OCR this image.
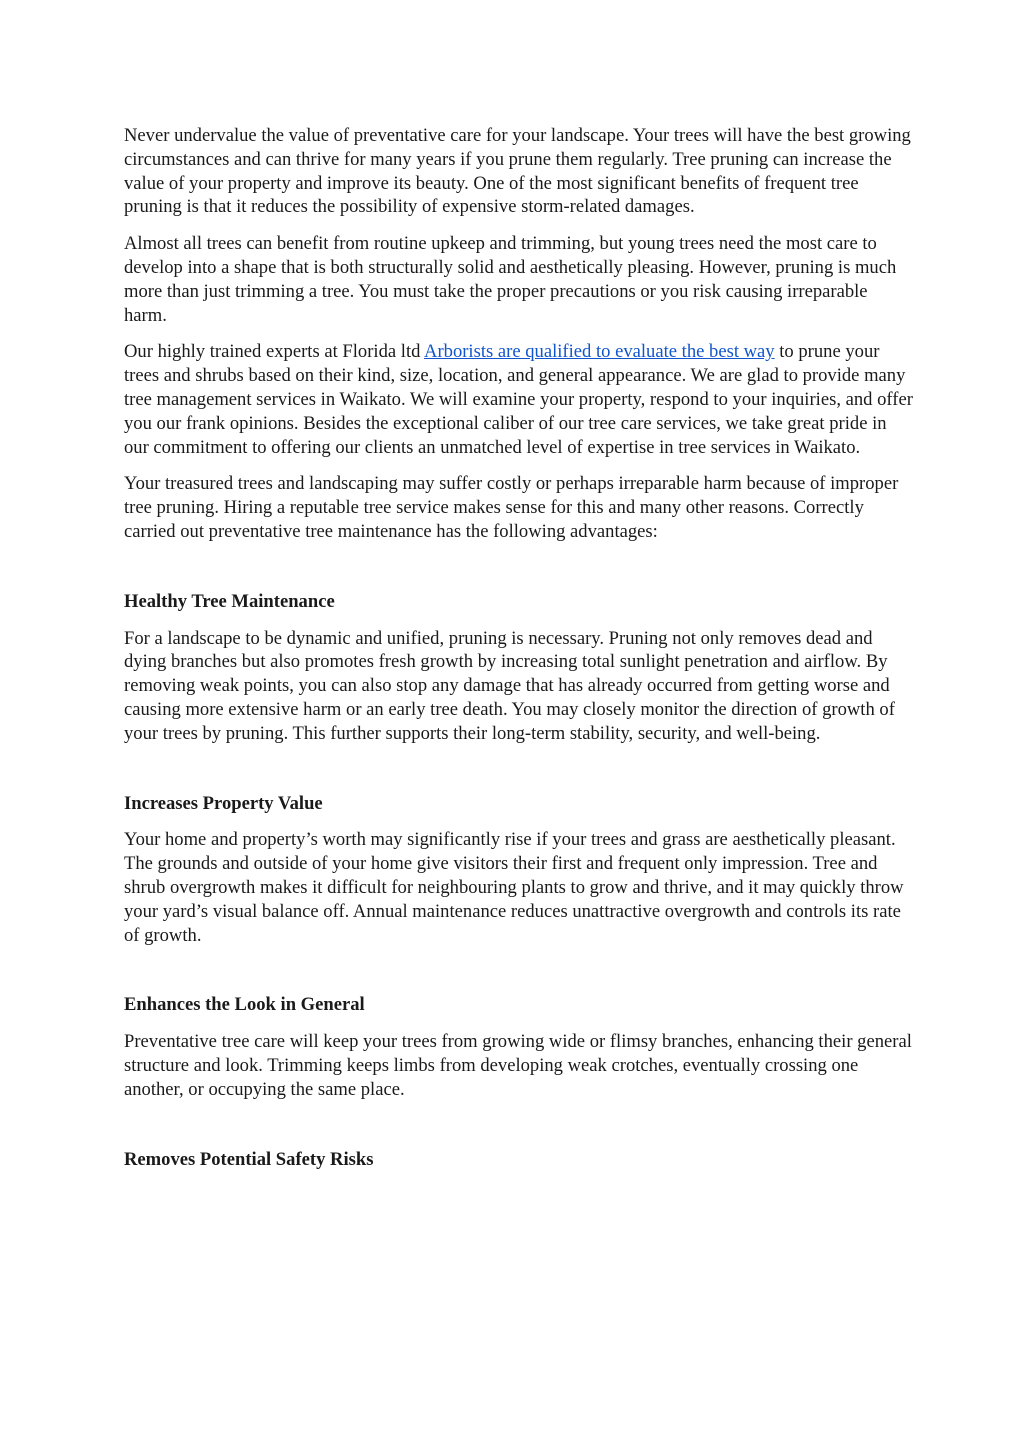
Never undervalue the value of preventative care for your landscape. Your trees will have the best growing circumstances and can thrive for many years if you prune them regularly. Tree pruning can increase the value of your property and improve its beauty. One of the most significant benefits of frequent tree pruning is that it reduces the possibility of expensive storm-related damages.

Almost all trees can benefit from routine upkeep and trimming, but young trees need the most care to develop into a shape that is both structurally solid and aesthetically pleasing. However, pruning is much more than just trimming a tree. You must take the proper precautions or you risk causing irreparable harm.

Our highly trained experts at Florida ltd Arborists are qualified to evaluate the best way to prune your trees and shrubs based on their kind, size, location, and general appearance. We are glad to provide many tree management services in Waikato. We will examine your property, respond to your inquiries, and offer you our frank opinions. Besides the exceptional caliber of our tree care services, we take great pride in our commitment to offering our clients an unmatched level of expertise in tree services in Waikato.

Your treasured trees and landscaping may suffer costly or perhaps irreparable harm because of improper tree pruning. Hiring a reputable tree service makes sense for this and many other reasons. Correctly carried out preventative tree maintenance has the following advantages:

Healthy Tree Maintenance

For a landscape to be dynamic and unified, pruning is necessary. Pruning not only removes dead and dying branches but also promotes fresh growth by increasing total sunlight penetration and airflow. By removing weak points, you can also stop any damage that has already occurred from getting worse and causing more extensive harm or an early tree death. You may closely monitor the direction of growth of your trees by pruning. This further supports their long-term stability, security, and well-being.

Increases Property Value

Your home and property’s worth may significantly rise if your trees and grass are aesthetically pleasant. The grounds and outside of your home give visitors their first and frequent only impression. Tree and shrub overgrowth makes it difficult for neighbouring plants to grow and thrive, and it may quickly throw your yard’s visual balance off. Annual maintenance reduces unattractive overgrowth and controls its rate of growth.

Enhances the Look in General

Preventative tree care will keep your trees from growing wide or flimsy branches, enhancing their general structure and look. Trimming keeps limbs from developing weak crotches, eventually crossing one another, or occupying the same place.

Removes Potential Safety Risks
